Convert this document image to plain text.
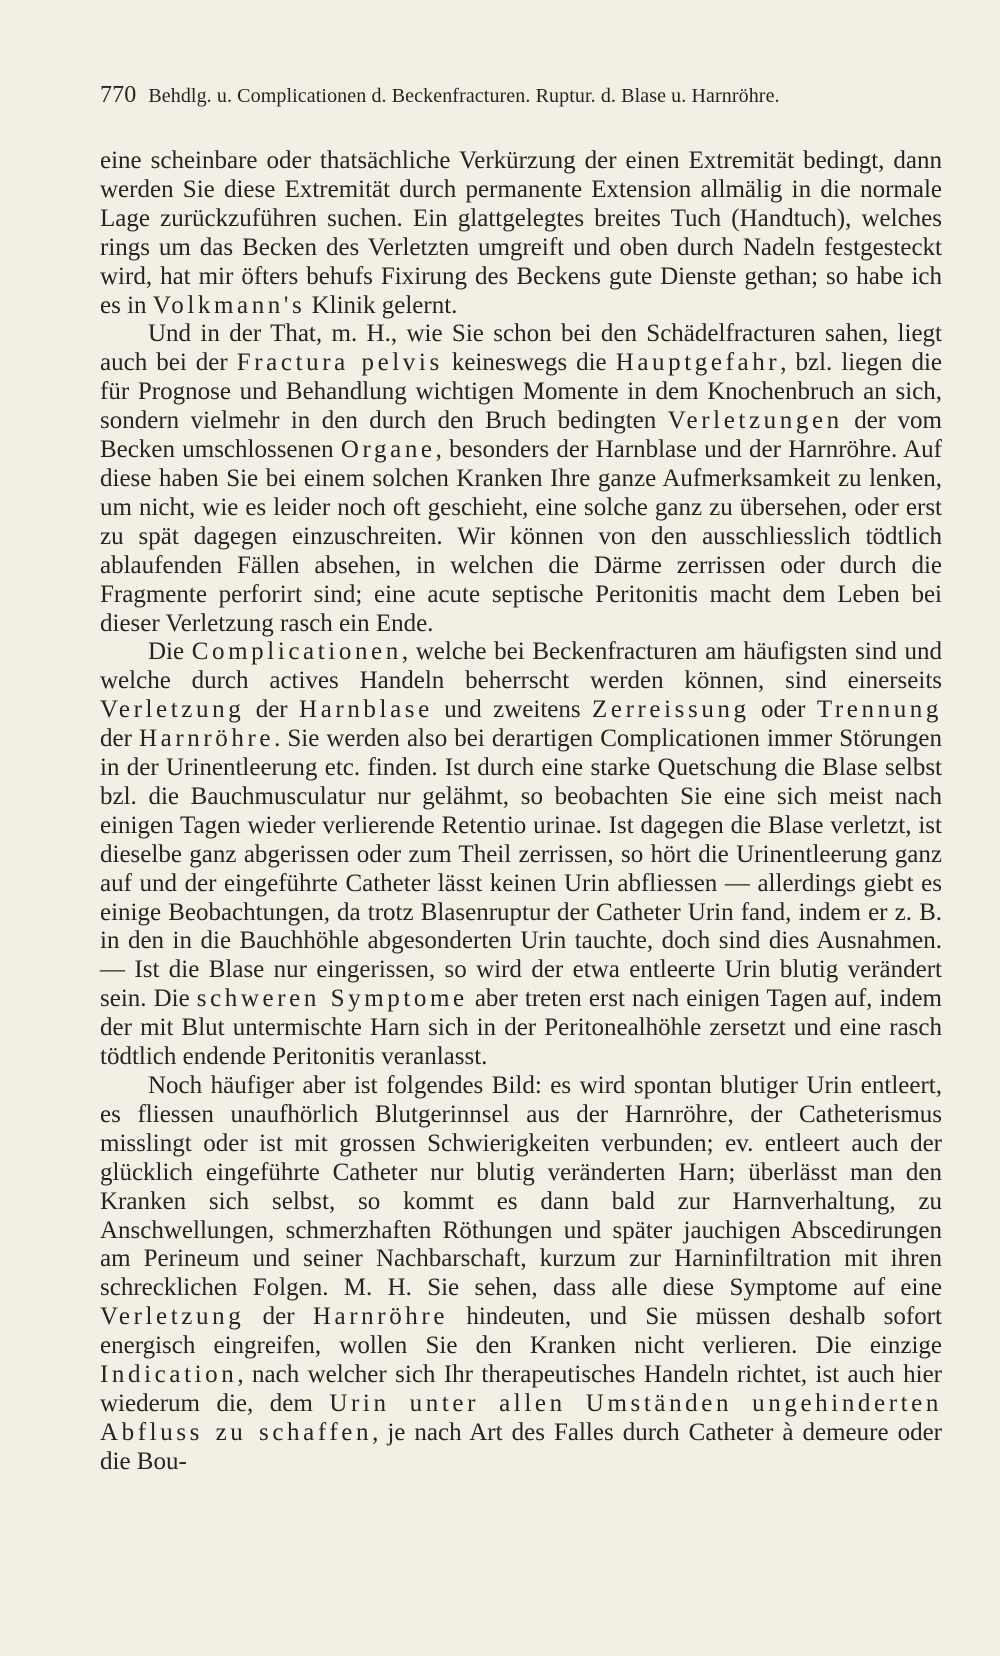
770 Behdlg. u. Complicationen d. Beckenfracturen. Ruptur. d. Blase u. Harnröhre.

eine scheinbare oder thatsächliche Verkürzung der einen Extremität bedingt, dann werden Sie diese Extremität durch permanente Extension allmälig in die normale Lage zurückzuführen suchen. Ein glattgelegtes breites Tuch (Handtuch), welches rings um das Becken des Verletzten umgreift und oben durch Nadeln festgesteckt wird, hat mir öfters behufs Fixirung des Beckens gute Dienste gethan; so habe ich es in Volkmann's Klinik gelernt.

Und in der That, m. H., wie Sie schon bei den Schädelfracturen sahen, liegt auch bei der Fractura pelvis keineswegs die Hauptgefahr, bzl. liegen die für Prognose und Behandlung wichtigen Momente in dem Knochenbruch an sich, sondern vielmehr in den durch den Bruch bedingten Verletzungen der vom Becken umschlossenen Organe, besonders der Harnblase und der Harnröhre. Auf diese haben Sie bei einem solchen Kranken Ihre ganze Aufmerksamkeit zu lenken, um nicht, wie es leider noch oft geschieht, eine solche ganz zu übersehen, oder erst zu spät dagegen einzuschreiten. Wir können von den ausschliesslich tödtlich ablaufenden Fällen absehen, in welchen die Därme zerrissen oder durch die Fragmente perforirt sind; eine acute septische Peritonitis macht dem Leben bei dieser Verletzung rasch ein Ende.

Die Complicationen, welche bei Beckenfracturen am häufigsten sind und welche durch actives Handeln beherrscht werden können, sind einerseits Verletzung der Harnblase und zweitens Zerreissung oder Trennung der Harnröhre. Sie werden also bei derartigen Complicationen immer Störungen in der Urinentleerung etc. finden. Ist durch eine starke Quetschung die Blase selbst bzl. die Bauchmusculatur nur gelähmt, so beobachten Sie eine sich meist nach einigen Tagen wieder verlierende Retentio urinae. Ist dagegen die Blase verletzt, ist dieselbe ganz abgerissen oder zum Theil zerrissen, so hört die Urinentleerung ganz auf und der eingeführte Catheter lässt keinen Urin abfliessen — allerdings giebt es einige Beobachtungen, da trotz Blasenruptur der Catheter Urin fand, indem er z. B. in den in die Bauchhöhle abgesonderten Urin tauchte, doch sind dies Ausnahmen. — Ist die Blase nur eingerissen, so wird der etwa entleerte Urin blutig verändert sein. Die schweren Symptome aber treten erst nach einigen Tagen auf, indem der mit Blut untermischte Harn sich in der Peritonealhöhle zersetzt und eine rasch tödtlich endende Peritonitis veranlasst.

Noch häufiger aber ist folgendes Bild: es wird spontan blutiger Urin entleert, es fliessen unaufhörlich Blutgerinnsel aus der Harnröhre, der Catheterismus misslingt oder ist mit grossen Schwierigkeiten verbunden; ev. entleert auch der glücklich eingeführte Catheter nur blutig veränderten Harn; überlässt man den Kranken sich selbst, so kommt es dann bald zur Harnverhaltung, zu Anschwellungen, schmerzhaften Röthungen und später jauchigen Abscedirungen am Perineum und seiner Nachbarschaft, kurzum zur Harninfiltration mit ihren schrecklichen Folgen. M. H. Sie sehen, dass alle diese Symptome auf eine Verletzung der Harnröhre hindeuten, und Sie müssen deshalb sofort energisch eingreifen, wollen Sie den Kranken nicht verlieren. Die einzige Indication, nach welcher sich Ihr therapeutisches Handeln richtet, ist auch hier wiederum die, dem Urin unter allen Umständen ungehinderten Abfluss zu schaffen, je nach Art des Falles durch Catheter à demeure oder die Bou-
